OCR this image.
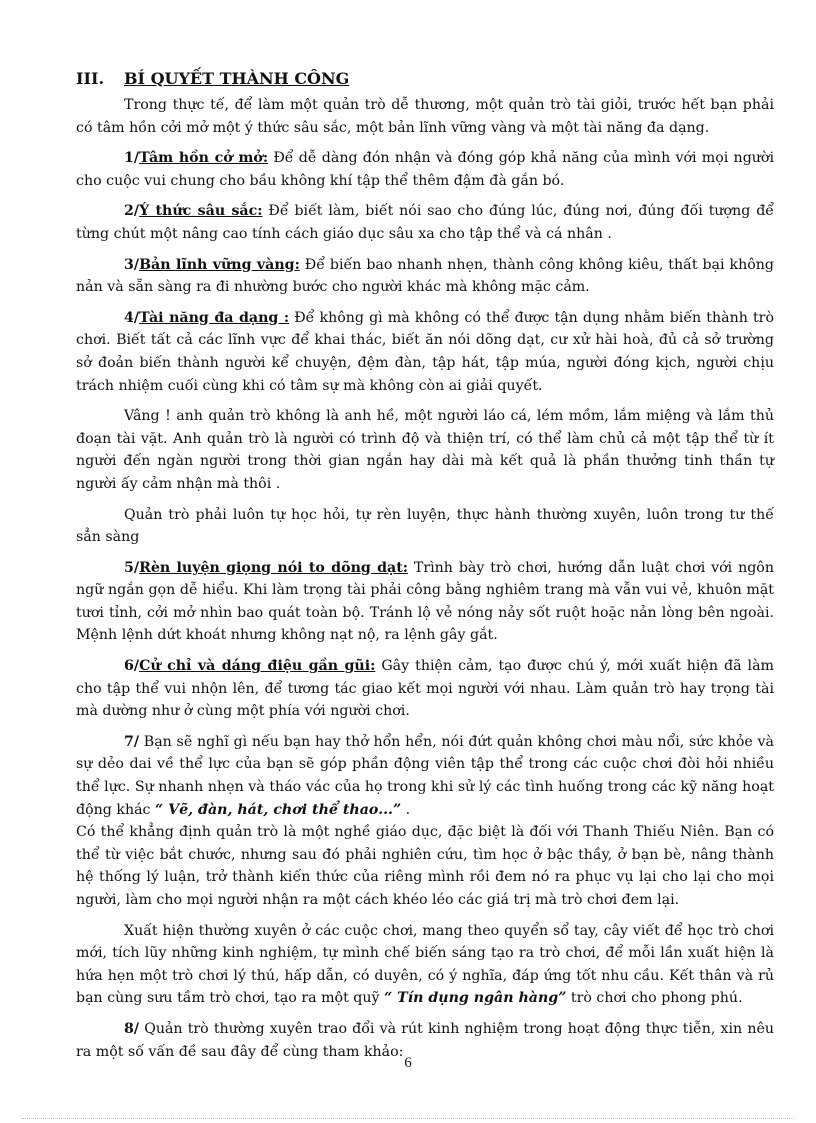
III.	BÍ QUYẾT THÀNH CÔNG

Trong thực tế, để làm một quản trò dễ thương, một quản trò tài giỏi, trước hết bạn phải có tâm hồn cởi mở một ý thức sâu sắc, một bản lĩnh vững vàng và một tài năng đa dạng.

1/Tâm hồn cở mở: Để dễ dàng đón nhận và đóng góp khả năng của mình với mọi người cho cuộc vui chung cho bầu không khí tập thể thêm đậm đà gắn bó.

2/Ý thức sâu sắc: Để biết làm, biết nói sao cho đúng lúc, đúng nơi, đúng đối tượng để từng chút một nâng cao tính cách giáo dục sâu xa cho tập thể và cá nhân .

3/Bản lĩnh vững vàng: Để biến bao nhanh nhẹn, thành công không kiêu, thất bại không nản và sẵn sàng ra đi nhường bước cho người khác mà không mặc cảm.

4/Tài năng đa dạng : Để không gì mà không có thể được tận dụng nhằm biến thành trò chơi. Biết tất cả các lĩnh vực để khai thác, biết ăn nói dõng dạt, cư xử hài hoà, đủ cả sở trường sở đoản biến thành người kể chuyện, đệm đàn, tập hát, tập múa, người đóng kịch, người chịu trách nhiệm cuối cùng khi có tâm sự mà không còn ai giải quyết.

Vâng ! anh quản trò không là anh hề, một người láo cá, lém mồm, lắm miệng và lắm thủ đoạn tài vặt. Anh quản trò là người có trình độ và thiện trí, có thể làm chủ cả một tập thể từ ít người đến ngàn người trong thời gian ngắn hay dài mà kết quả là phần thưởng tinh thần tự người ấy cảm nhận mà thôi .

Quản trò phải luôn tự học hỏi, tự rèn luyện, thực hành thường xuyên, luôn trong tư thế sẳn sàng

5/Rèn luyện giọng nói to dõng dạt: Trình bày trò chơi, hướng dẫn luật chơi với ngôn ngữ ngắn gọn dễ hiểu. Khi làm trọng tài phải công bằng nghiêm trang mà vẫn vui vẻ, khuôn mặt tươi tỉnh, cởi mở nhìn bao quát toàn bộ. Tránh lộ vẻ nóng nảy sốt ruột hoặc nản lòng bên ngoài. Mệnh lệnh dứt khoát nhưng không nạt nộ, ra lệnh gây gắt.

6/Cử chỉ và dáng điệu gần gũi: Gây thiện cảm, tạo được chú ý, mới xuất hiện đã làm cho tập thể vui nhộn lên, để tương tác giao kết mọi người với nhau. Làm quản trò hay trọng tài mà dường như ở cùng một phía với người chơi.

7/ Bạn sẽ nghĩ gì nếu bạn hay thở hổn hển, nói đứt quản không chơi màu nổi, sức khỏe và sự dẻo dai về thể lực của bạn sẽ góp phần động viên tập thể trong các cuộc chơi đòi hỏi nhiều thể lực. Sự nhanh nhẹn và tháo vác của họ trong khi sử lý các tình huống trong các kỹ năng hoạt động khác “ Vẽ, đàn, hát, chơi thể thao...” .

Có thể khẳng định quản trò là một nghề giáo dục, đặc biệt là đối với Thanh Thiếu Niên. Bạn có thể từ việc bắt chước, nhưng sau đó phải nghiên cứu, tìm học ở bậc thầy, ở bạn bè, nâng thành hệ thống lý luận, trở thành kiến thức của riêng mình rồi đem nó ra phục vụ lại cho lại cho mọi người, làm cho mọi người nhận ra một cách khéo léo các giá trị mà trò chơi đem lại.

Xuất hiện thường xuyên ở các cuộc chơi, mang theo quyển sổ tay, cây viết để học trò chơi mới, tích lũy những kinh nghiệm, tự mình chế biến sáng tạo ra trò chơi, để mỗi lần xuất hiện là hứa hẹn một trò chơi lý thú, hấp dẫn, có duyên, có ý nghĩa, đáp ứng tốt nhu cầu. Kết thân và rủ bạn cùng sưu tầm trò chơi, tạo ra một quỹ “ Tín dụng ngân hàng” trò chơi cho phong phú.

8/ Quản trò thường xuyên trao đổi và rút kinh nghiệm trong hoạt động thực tiễn, xin nêu ra một số vấn đề sau đây để cùng tham khảo:

6
